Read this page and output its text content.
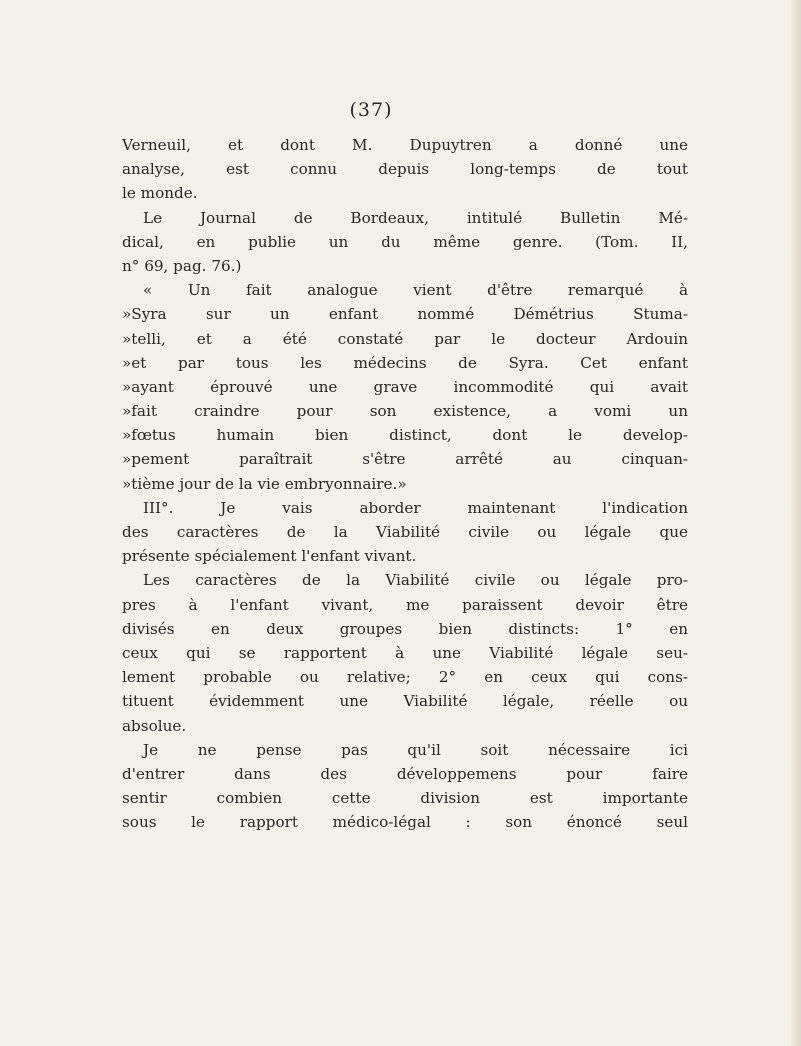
(37)
Verneuil, et dont M. Dupuytren a donné une
analyse, est connu depuis long-temps de tout
le monde.
Le Journal de Bordeaux, intitulé Bulletin Mé-
dical, en publie un du même genre. (Tom. II,
n° 69, pag. 76.)
« Un fait analogue vient d'être remarqué à
»Syra sur un enfant nommé Démétrius Stuma-
»telli, et a été constaté par le docteur Ardouin
»et par tous les médecins de Syra. Cet enfant
»ayant éprouvé une grave incommodité qui avait
»fait craindre pour son existence, a vomi un
»fœtus humain bien distinct, dont le develop-
»pement paraîtrait s'être arrêté au cinquan-
»tième jour de la vie embryonnaire.»
III°. Je vais aborder maintenant l'indication
des caractères de la Viabilité civile ou légale que
présente spécialement l'enfant vivant.
Les caractères de la Viabilité civile ou légale pro-
pres à l'enfant vivant, me paraissent devoir être
divisés en deux groupes bien distincts: 1° en
ceux qui se rapportent à une Viabilité légale seu-
lement probable ou relative; 2° en ceux qui cons-
tituent évidemment une Viabilité légale, réelle ou
absolue.
Je ne pense pas qu'il soit nécessaire ici
d'entrer dans des développemens pour faire
sentir combien cette division est importante
sous le rapport médico-légal : son énoncé seul
